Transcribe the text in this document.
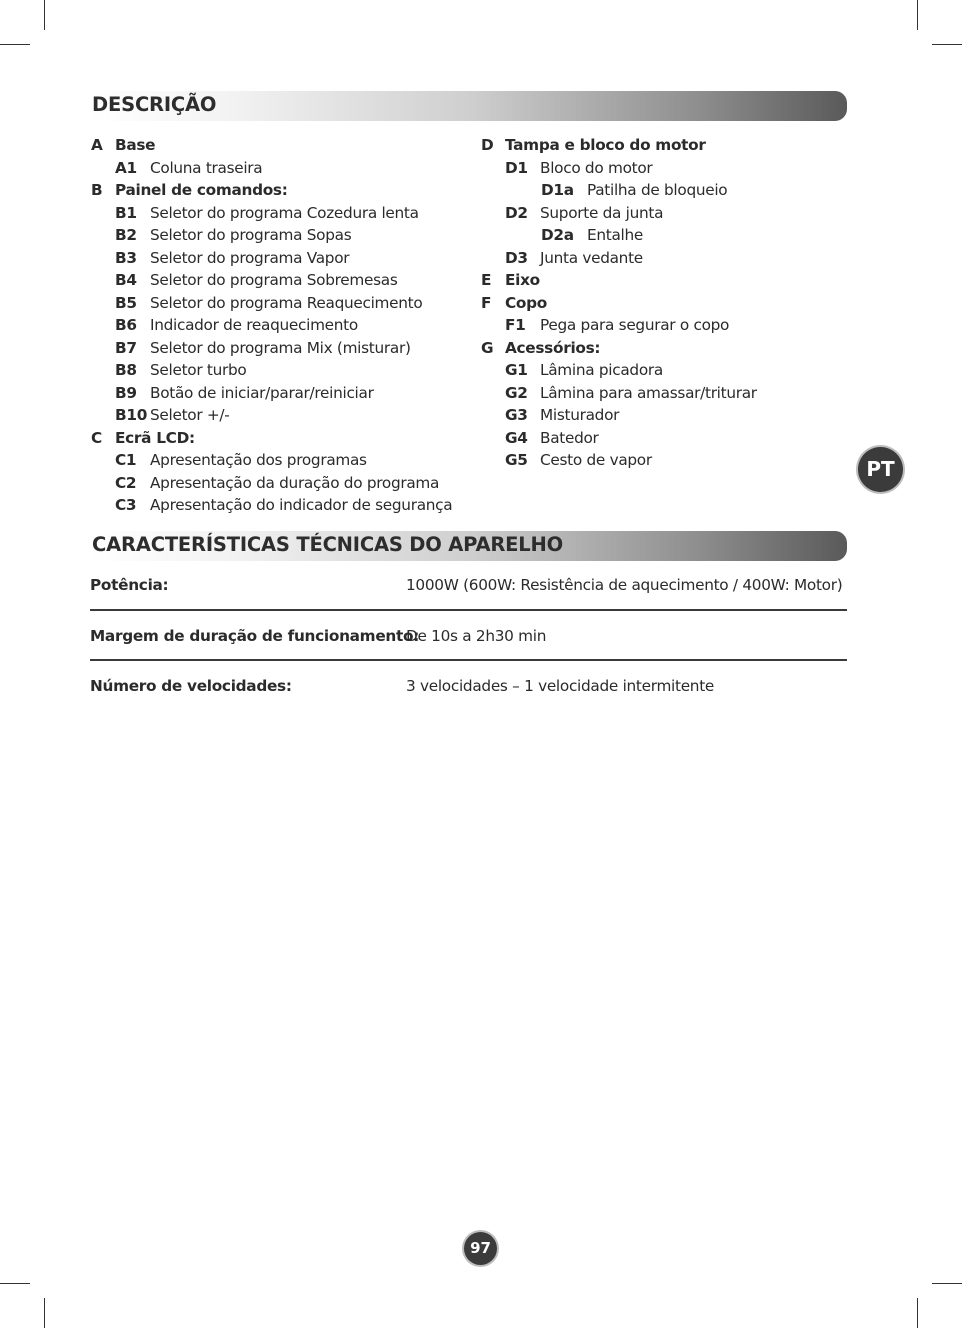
DESCRIÇÃO
A Base
A1 Coluna traseira
B Painel de comandos:
B1 Seletor do programa Cozedura lenta
B2 Seletor do programa Sopas
B3 Seletor do programa Vapor
B4 Seletor do programa Sobremesas
B5 Seletor do programa Reaquecimento
B6 Indicador de reaquecimento
B7 Seletor do programa Mix (misturar)
B8 Seletor turbo
B9 Botão de iniciar/parar/reiniciar
B10 Seletor +/-
C Ecrã LCD:
C1 Apresentação dos programas
C2 Apresentação da duração do programa
C3 Apresentação do indicador de segurança
D Tampa e bloco do motor
D1 Bloco do motor
D1a Patilha de bloqueio
D2 Suporte da junta
D2a Entalhe
D3 Junta vedante
E Eixo
F Copo
F1 Pega para segurar o copo
G Acessórios:
G1 Lâmina picadora
G2 Lâmina para amassar/triturar
G3 Misturador
G4 Batedor
G5 Cesto de vapor
CARACTERÍSTICAS TÉCNICAS DO APARELHO
Potência:	1000W (600W: Resistência de aquecimento / 400W: Motor)
Margem de duração de funcionamento:
De 10s a 2h30 min
Número de velocidades:	3 velocidades – 1 velocidade intermitente
PT
97
